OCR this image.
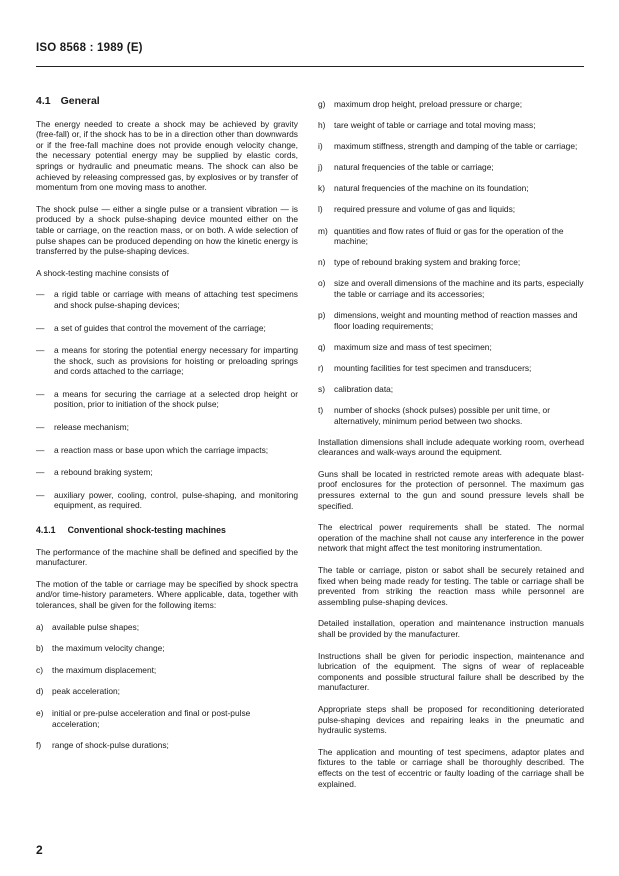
ISO 8568 : 1989 (E)
4.1 General

The energy needed to create a shock may be achieved by gravity (free-fall) or, if the shock has to be in a direction other than downwards or if the free-fall machine does not provide enough velocity change, the necessary potential energy may be supplied by elastic cords, springs or hydraulic and pneumatic means. The shock can also be achieved by releasing compressed gas, by explosives or by transfer of momentum from one moving mass to another.

The shock pulse — either a single pulse or a transient vibration — is produced by a shock pulse-shaping device mounted either on the table or carriage, on the reaction mass, or on both. A wide selection of pulse shapes can be produced depending on how the kinetic energy is transferred by the pulse-shaping devices.

A shock-testing machine consists of

— a rigid table or carriage with means of attaching test specimens and shock pulse-shaping devices;
— a set of guides that control the movement of the carriage;
— a means for storing the potential energy necessary for imparting the shock, such as provisions for hoisting or preloading springs and cords attached to the carriage;
— a means for securing the carriage at a selected drop height or position, prior to initiation of the shock pulse;
— release mechanism;
— a reaction mass or base upon which the carriage impacts;
— a rebound braking system;
— auxiliary power, cooling, control, pulse-shaping, and monitoring equipment, as required.
4.1.1 Conventional shock-testing machines

The performance of the machine shall be defined and specified by the manufacturer.

The motion of the table or carriage may be specified by shock spectra and/or time-history parameters. Where applicable, data, together with tolerances, shall be given for the following items:

a) available pulse shapes;
b) the maximum velocity change;
c) the maximum displacement;
d) peak acceleration;
e) initial or pre-pulse acceleration and final or post-pulse acceleration;
f) range of shock-pulse durations;
g) maximum drop height, preload pressure or charge;
h) tare weight of table or carriage and total moving mass;
i) maximum stiffness, strength and damping of the table or carriage;
j) natural frequencies of the table or carriage;
k) natural frequencies of the machine on its foundation;
l) required pressure and volume of gas and liquids;
m) quantities and flow rates of fluid or gas for the operation of the machine;
n) type of rebound braking system and braking force;
o) size and overall dimensions of the machine and its parts, especially the table or carriage and its accessories;
p) dimensions, weight and mounting method of reaction masses and floor loading requirements;
q) maximum size and mass of test specimen;
r) mounting facilities for test specimen and transducers;
s) calibration data;
t) number of shocks (shock pulses) possible per unit time, or alternatively, minimum period between two shocks.

Installation dimensions shall include adequate working room, overhead clearances and walk-ways around the equipment.

Guns shall be located in restricted remote areas with adequate blast-proof enclosures for the protection of personnel. The maximum gas pressures external to the gun and sound pressure levels shall be specified.

The electrical power requirements shall be stated. The normal operation of the machine shall not cause any interference in the power network that might affect the test monitoring instrumentation.

The table or carriage, piston or sabot shall be securely retained and fixed when being made ready for testing. The table or carriage shall be prevented from striking the reaction mass while personnel are assembling pulse-shaping devices.

Detailed installation, operation and maintenance instruction manuals shall be provided by the manufacturer.

Instructions shall be given for periodic inspection, maintenance and lubrication of the equipment. The signs of wear of replaceable components and possible structural failure shall be described by the manufacturer.

Appropriate steps shall be proposed for reconditioning deteriorated pulse-shaping devices and repairing leaks in the pneumatic and hydraulic systems.

The application and mounting of test specimens, adaptor plates and fixtures to the table or carriage shall be thoroughly described. The effects on the test of eccentric or faulty loading of the carriage shall be explained.

2
